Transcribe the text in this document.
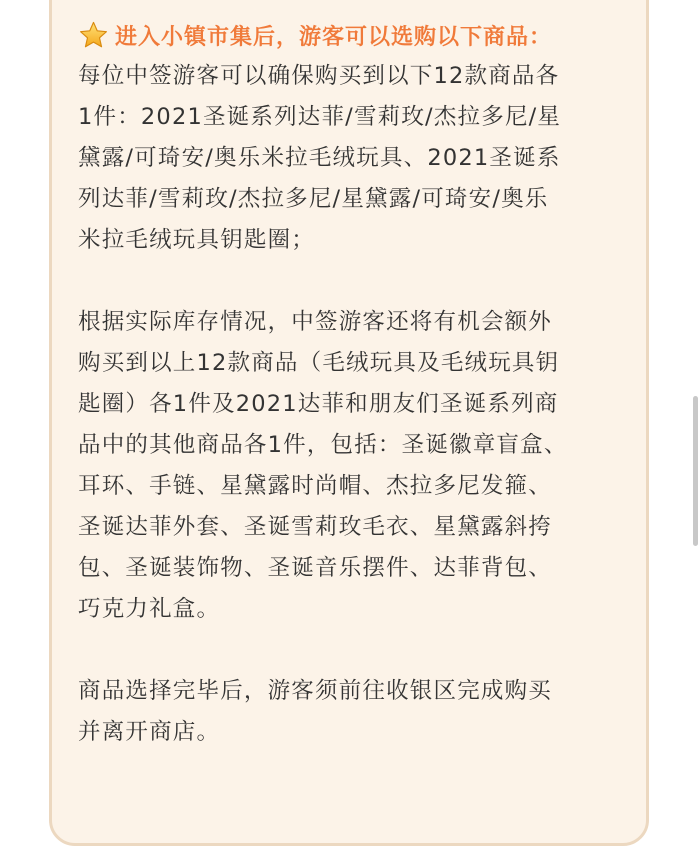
进入小镇市集后，游客可以选购以下商品：

每位中签游客可以确保购买到以下12款商品各
1件：2021圣诞系列达菲/雪莉玫/杰拉多尼/星
黛露/可琦安/奥乐米拉毛绒玩具、2021圣诞系
列达菲/雪莉玫/杰拉多尼/星黛露/可琦安/奥乐
米拉毛绒玩具钥匙圈；

根据实际库存情况，中签游客还将有机会额外
购买到以上12款商品（毛绒玩具及毛绒玩具钥
匙圈）各1件及2021达菲和朋友们圣诞系列商
品中的其他商品各1件，包括：圣诞徽章盲盒、
耳环、手链、星黛露时尚帽、杰拉多尼发箍、
圣诞达菲外套、圣诞雪莉玫毛衣、星黛露斜挎
包、圣诞装饰物、圣诞音乐摆件、达菲背包、
巧克力礼盒。

商品选择完毕后，游客须前往收银区完成购买
并离开商店。
